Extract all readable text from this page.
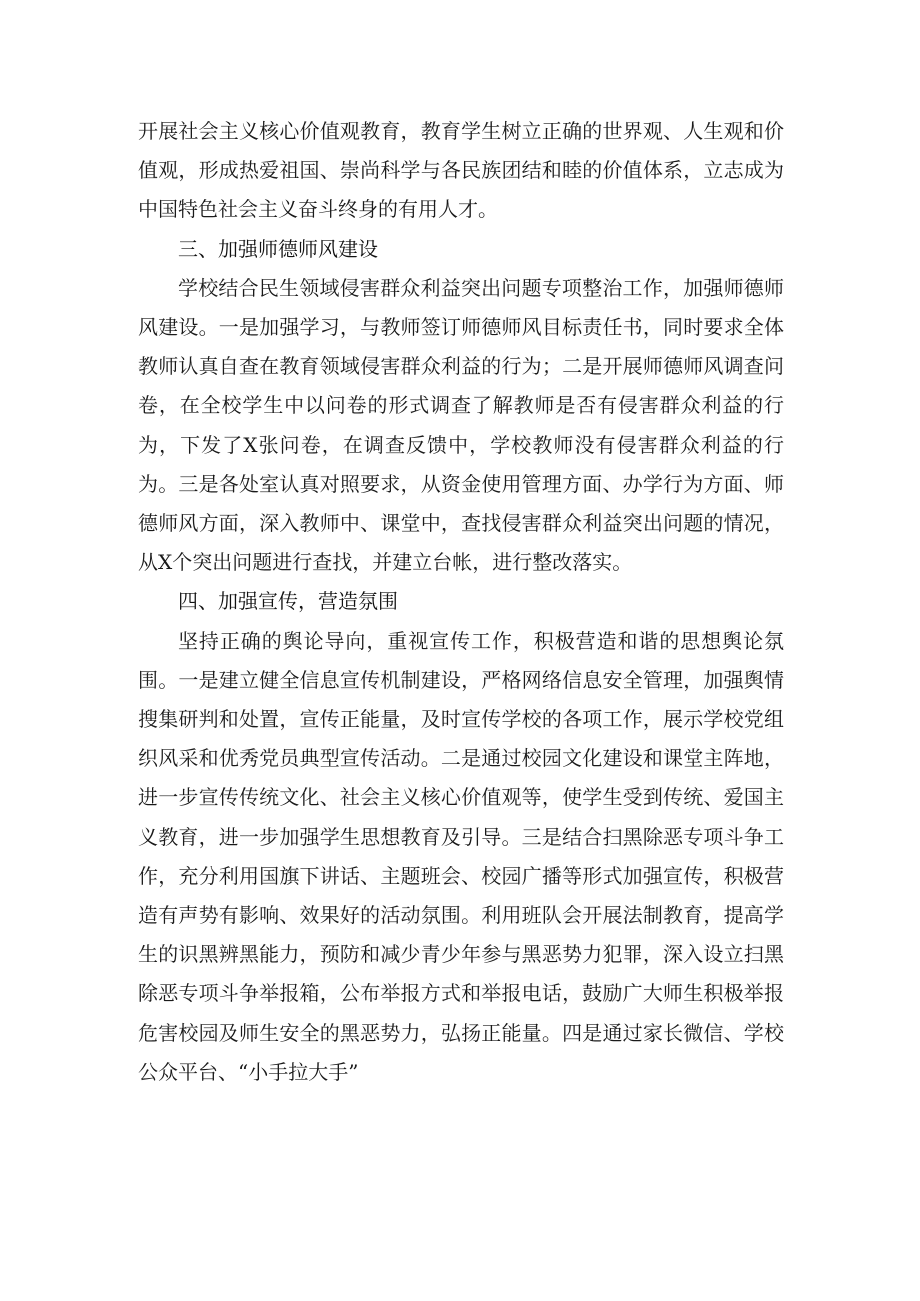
开展社会主义核心价值观教育，教育学生树立正确的世界观、人生观和价值观，形成热爱祖国、崇尚科学与各民族团结和睦的价值体系，立志成为中国特色社会主义奋斗终身的有用人才。

三、加强师德师风建设

学校结合民生领域侵害群众利益突出问题专项整治工作，加强师德师风建设。一是加强学习，与教师签订师德师风目标责任书，同时要求全体教师认真自查在教育领域侵害群众利益的行为；二是开展师德师风调查问卷，在全校学生中以问卷的形式调查了解教师是否有侵害群众利益的行为，下发了X张问卷，在调查反馈中，学校教师没有侵害群众利益的行为。三是各处室认真对照要求，从资金使用管理方面、办学行为方面、师德师风方面，深入教师中、课堂中，查找侵害群众利益突出问题的情况，从X个突出问题进行查找，并建立台帐，进行整改落实。

四、加强宣传，营造氛围

坚持正确的舆论导向，重视宣传工作，积极营造和谐的思想舆论氛围。一是建立健全信息宣传机制建设，严格网络信息安全管理，加强舆情搜集研判和处置，宣传正能量，及时宣传学校的各项工作，展示学校党组织风采和优秀党员典型宣传活动。二是通过校园文化建设和课堂主阵地，进一步宣传传统文化、社会主义核心价值观等，使学生受到传统、爱国主义教育，进一步加强学生思想教育及引导。三是结合扫黑除恶专项斗争工作，充分利用国旗下讲话、主题班会、校园广播等形式加强宣传，积极营造有声势有影响、效果好的活动氛围。利用班队会开展法制教育，提高学生的识黑辨黑能力，预防和减少青少年参与黑恶势力犯罪，深入设立扫黑除恶专项斗争举报箱，公布举报方式和举报电话，鼓励广大师生积极举报危害校园及师生安全的黑恶势力，弘扬正能量。四是通过家长微信、学校公众平台、“小手拉大手”
